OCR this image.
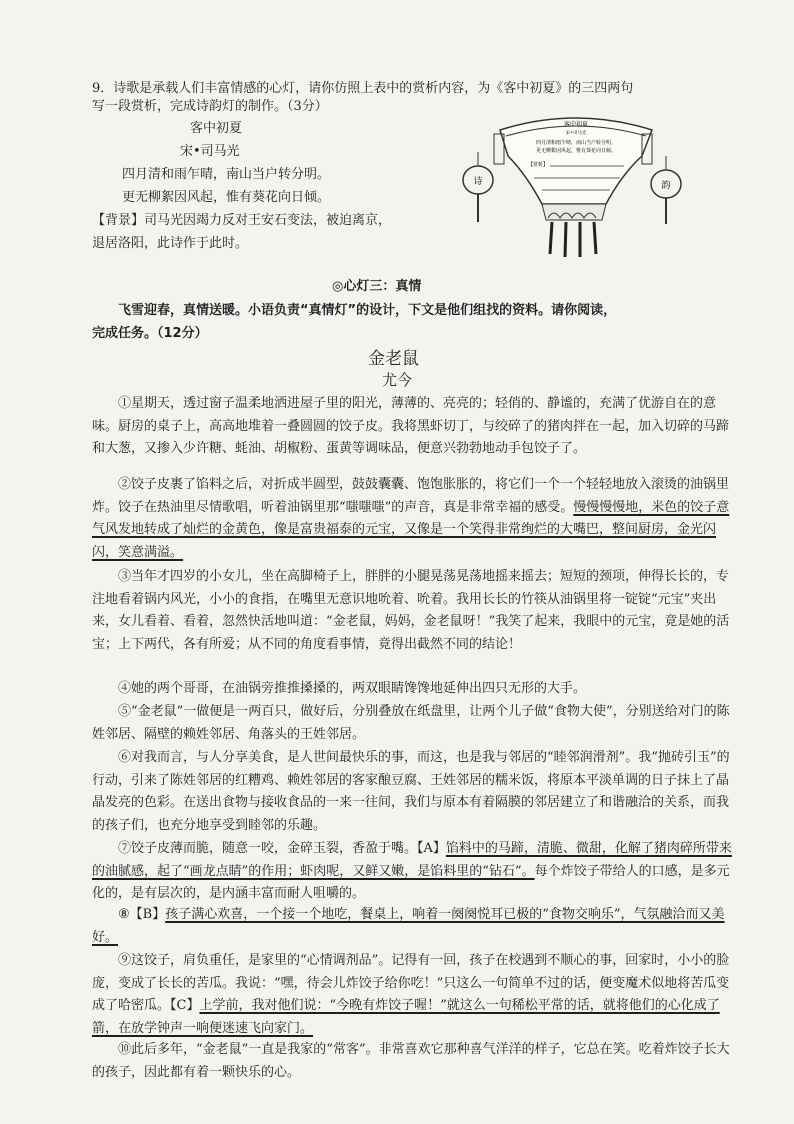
9．诗歌是承载人们丰富情感的心灯，请你仿照上表中的赏析内容，为《客中初夏》的三四两句
写一段赏析，完成诗韵灯的制作。（3分）
客中初夏
宋•司马光
四月清和雨乍晴，南山当户转分明。
更无柳絮因风起，惟有葵花向日倾。
【背景】司马光因竭力反对王安石变法，被迫离京，
退居洛阳，此诗作于此时。
客中初夏
宋•司马光
四月清和雨乍晴，南山当户转分明。
更无柳絮因风起，惟有葵花向日倾。
【赏析】
诗	韵
◎心灯三：真情
飞雪迎春，真情送暖。小语负责“真情灯”的设计，下文是他们组找的资料。请你阅读，
完成任务。（12分）
金老鼠
尤今
①星期天，透过窗子温柔地洒进屋子里的阳光，薄薄的、亮亮的；轻俏的、静谧的，充满了优游自在的意味。厨房的桌子上，高高地堆着一叠圆圆的饺子皮。我将黑虾切丁，与绞碎了的猪肉拌在一起，加入切碎的马蹄和大葱，又掺入少许糖、蚝油、胡椒粉、蛋黄等调味品，便意兴勃勃地动手包饺子了。
②饺子皮裹了馅料之后，对折成半圆型，鼓鼓囊囊、饱饱胀胀的，将它们一个一个轻轻地放入滚烫的油锅里炸。饺子在热油里尽情歌唱，听着油锅里那“嗤嗤嗤”的声音，真是非常幸福的感受。慢慢慢慢地，米色的饺子意气风发地转成了灿烂的金黄色，像是富贵福泰的元宝，又像是一个笑得非常绚烂的大嘴巴，整间厨房，金光闪闪，笑意满溢。
③当年才四岁的小女儿，坐在高脚椅子上，胖胖的小腿晃荡晃荡地摇来摇去；短短的颈项，伸得长长的，专注地看着锅内风光，小小的食指，在嘴里无意识地吮着、吮着。我用长长的竹筷从油锅里将一锭锭“元宝”夹出来，女儿看着、看着，忽然快活地叫道：“金老鼠，妈妈，金老鼠呀！”我笑了起来，我眼中的元宝，竟是她的活宝；上下两代，各有所爱；从不同的角度看事情，竟得出截然不同的结论！
④她的两个哥哥，在油锅旁推推搡搡的，两双眼睛馋馋地延伸出四只无形的大手。
⑤“金老鼠”一做便是一两百只，做好后，分别叠放在纸盘里，让两个儿子做“食物大使”，分别送给对门的陈姓邻居、隔壁的赖姓邻居、角落头的王姓邻居。
⑥对我而言，与人分享美食，是人世间最快乐的事，而这，也是我与邻居的“睦邻润滑剂”。我“抛砖引玉”的行动，引来了陈姓邻居的红糟鸡、赖姓邻居的客家酿豆腐、王姓邻居的糯米饭，将原本平淡单调的日子抹上了晶晶发亮的色彩。在送出食物与接收食品的一来一往间，我们与原本有着隔膜的邻居建立了和谐融洽的关系，而我的孩子们，也充分地享受到睦邻的乐趣。
⑦饺子皮薄而脆，随意一咬，金碎玉裂，香盈于嘴。【A】馅料中的马蹄，清脆、微甜，化解了猪肉碎所带来的油腻感，起了“画龙点睛”的作用；虾肉呢，又鲜又嫩，是馅料里的“钻石”。每个炸饺子带给人的口感，是多元化的，是有层次的，是内涵丰富而耐人咀嚼的。
⑧【B】孩子满心欢喜，一个接一个地吃，餐桌上，响着一阕阕悦耳已极的“食物交响乐”，气氛融洽而又美好。
⑨这饺子，肩负重任，是家里的“心情调剂品”。记得有一回，孩子在校遇到不顺心的事，回家时，小小的脸庞，变成了长长的苦瓜。我说：“嘿，待会儿炸饺子给你吃！”只这么一句简单不过的话，便变魔术似地将苦瓜变成了哈密瓜。【C】上学前，我对他们说：“今晚有炸饺子喔！”就这么一句稀松平常的话，就将他们的心化成了箭，在放学钟声一响便迷速飞向家门。
⑩此后多年，“金老鼠”一直是我家的“常客”。非常喜欢它那种喜气洋洋的样子，它总在笑。吃着炸饺子长大的孩子，因此都有着一颗快乐的心。
